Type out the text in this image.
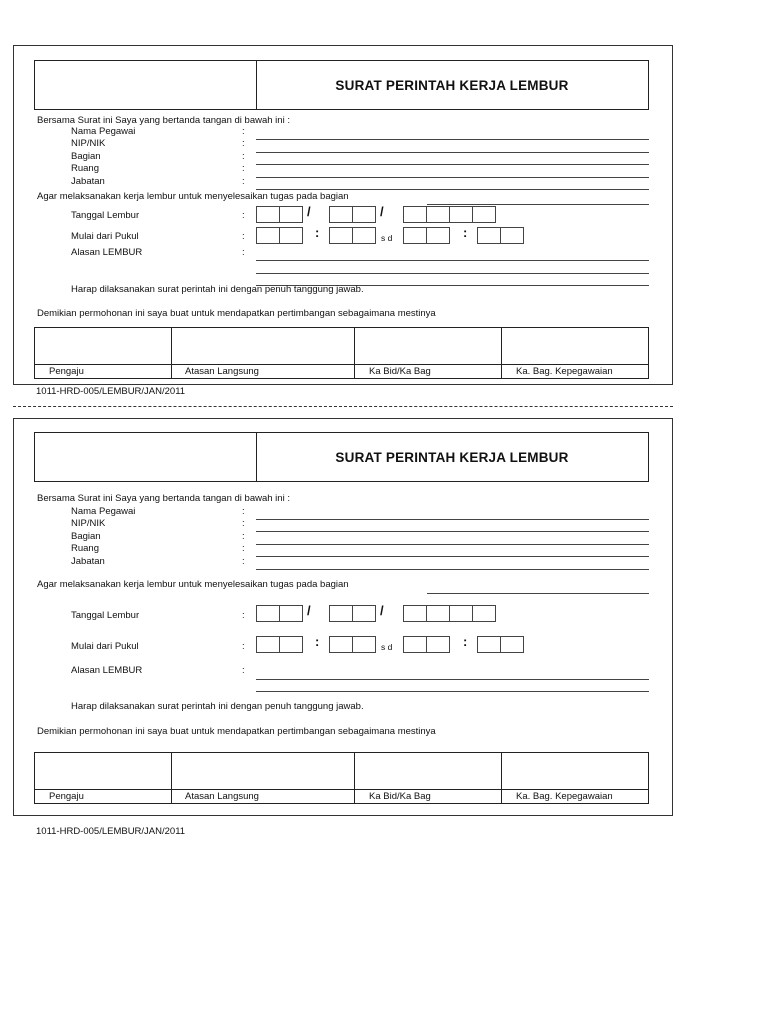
SURAT PERINTAH KERJA LEMBUR
Bersama Surat ini Saya yang bertanda tangan di bawah ini :
Nama Pegawai	:
NIP/NIK	:
Bagian	:
Ruang	:
Jabatan	:
Agar melaksanakan kerja lembur untuk menyelesaikan tugas pada bagian
Tanggal Lembur	:	/	/
Mulai dari Pukul	:	:	s d	:
Alasan LEMBUR	:
Harap dilaksanakan surat perintah ini dengan penuh tanggung jawab.
Demikian permohonan ini saya buat untuk mendapatkan pertimbangan sebagaimana mestinya
Pengaju	Atasan Langsung	Ka Bid/Ka Bag	Ka. Bag. Kepegawaian
1011-HRD-005/LEMBUR/JAN/2011
SURAT PERINTAH KERJA LEMBUR
Bersama Surat ini Saya yang bertanda tangan di bawah ini :
Nama Pegawai	:
NIP/NIK	:
Bagian	:
Ruang	:
Jabatan	:
Agar melaksanakan kerja lembur untuk menyelesaikan tugas pada bagian
Tanggal Lembur	:	/	/
Mulai dari Pukul	:	:	s d	:
Alasan LEMBUR	:
Harap dilaksanakan surat perintah ini dengan penuh tanggung jawab.
Demikian permohonan ini saya buat untuk mendapatkan pertimbangan sebagaimana mestinya
Pengaju	Atasan Langsung	Ka Bid/Ka Bag	Ka. Bag. Kepegawaian
1011-HRD-005/LEMBUR/JAN/2011
